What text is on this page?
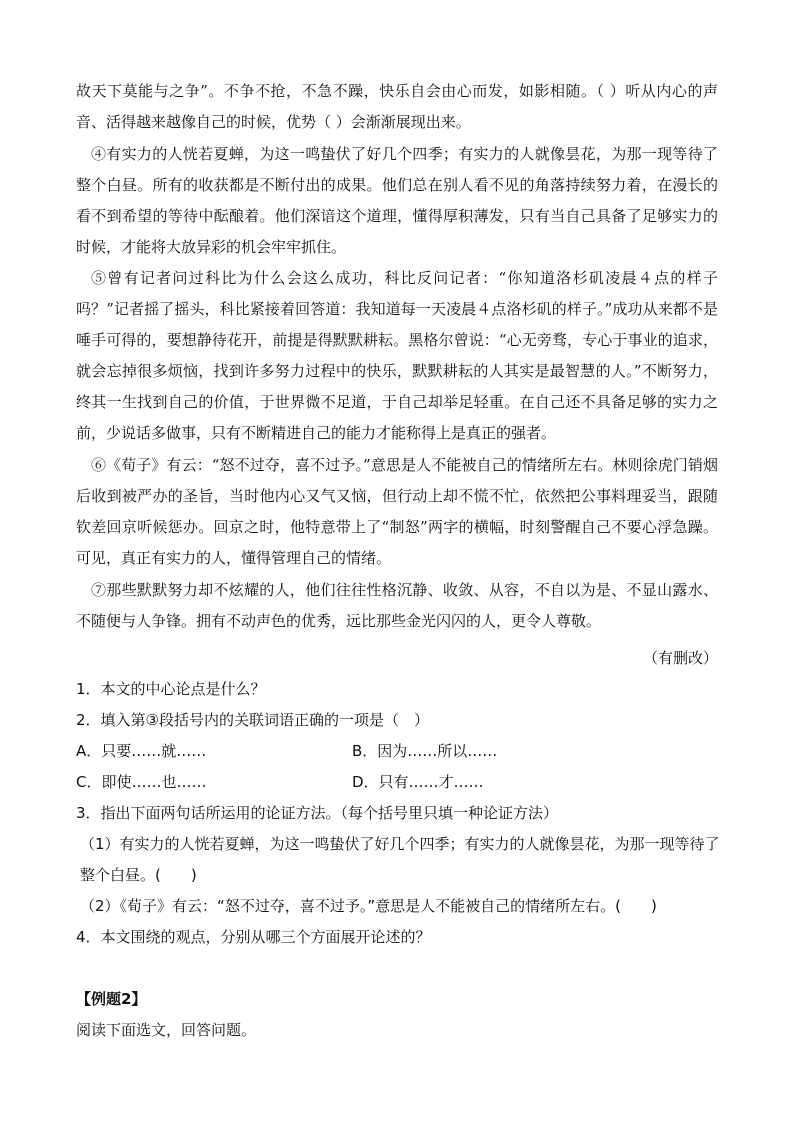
故天下莫能与之争”。不争不抢，不急不躁，快乐自会由心而发，如影相随。（ ）听从内心的声音、活得越来越像自己的时候，优势（ ）会渐渐展现出来。

④有实力的人恍若夏蝉，为这一鸣蛰伏了好几个四季；有实力的人就像昙花，为那一现等待了整个白昼。所有的收获都是不断付出的成果。他们总在别人看不见的角落持续努力着，在漫长的看不到希望的等待中酝酿着。他们深谙这个道理，懂得厚积薄发，只有当自己具备了足够实力的时候，才能将大放异彩的机会牢牢抓住。

⑤曾有记者问过科比为什么会这么成功，科比反问记者：“你知道洛杉矶凌晨４点的样子吗？”记者摇了摇头，科比紧接着回答道：我知道每一天凌晨４点洛杉矶的样子。”成功从来都不是唾手可得的，要想静待花开，前提是得默默耕耘。黑格尔曾说：“心无旁骛，专心于事业的追求，就会忘掉很多烦恼，找到许多努力过程中的快乐，默默耕耘的人其实是最智慧的人。”不断努力，终其一生找到自己的价值，于世界微不足道，于自己却举足轻重。在自己还不具备足够的实力之前，少说话多做事，只有不断精进自己的能力才能称得上是真正的强者。

⑥《荀子》有云：“怒不过夺，喜不过予。”意思是人不能被自己的情绪所左右。林则徐虎门销烟后收到被严办的圣旨，当时他内心又气又恼，但行动上却不慌不忙，依然把公事料理妥当，跟随钦差回京听候惩办。回京之时，他特意带上了“制怒”两字的横幅，时刻警醒自己不要心浮急躁。可见，真正有实力的人，懂得管理自己的情绪。

⑦那些默默努力却不炫耀的人，他们往往性格沉静、收敛、从容，不自以为是、不显山露水、不随便与人争锋。拥有不动声色的优秀，远比那些金光闪闪的人，更令人尊敬。

（有删改）

1．本文的中心论点是什么？

2．填入第③段括号内的关联词语正确的一项是（　）

A．只要……就……	B．因为……所以……
C．即使……也……	D．只有……才……

3．指出下面两句话所运用的论证方法。（每个括号里只填一种论证方法）

（1）有实力的人恍若夏蝉，为这一鸣蛰伏了好几个四季；有实力的人就像昙花，为那一现等待了整个白昼。(　　)

（2）《荀子》有云：“怒不过夺，喜不过予。”意思是人不能被自己的情绪所左右。(　　)

4．本文围绕的观点，分别从哪三个方面展开论述的？

【例题2】
阅读下面选文，回答问题。
